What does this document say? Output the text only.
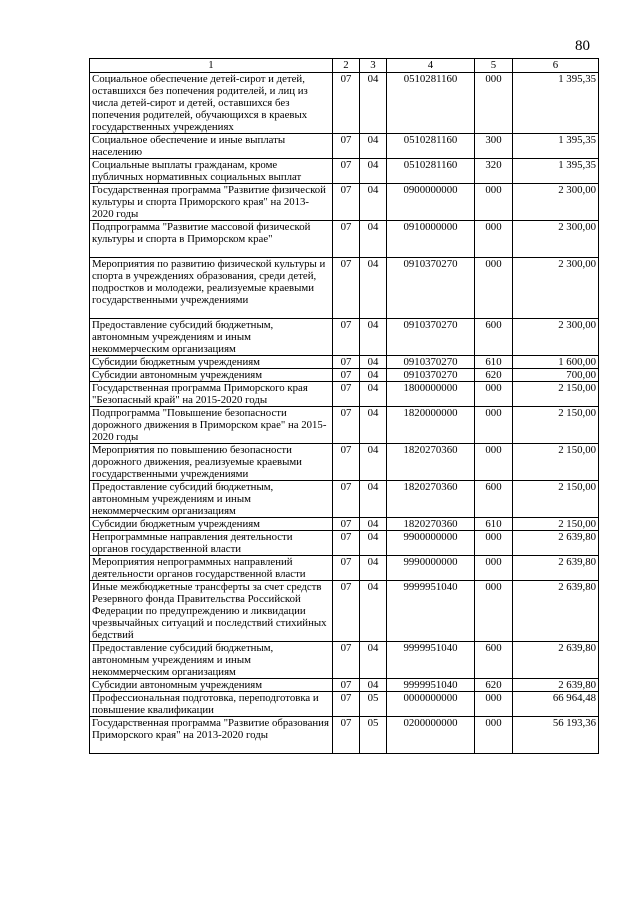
80
1	2	3	4	5	6
Социальное обеспечение детей-сирот и детей, оставшихся без попечения родителей, и лиц из числа детей-сирот и детей, оставшихся без попечения родителей, обучающихся в краевых государственных учреждениях	07	04	0510281160	000	1 395,35
Социальное обеспечение и иные выплаты населению	07	04	0510281160	300	1 395,35
Социальные выплаты гражданам, кроме публичных нормативных социальных выплат	07	04	0510281160	320	1 395,35
Государственная программа "Развитие физической культуры и спорта Приморского края" на 2013-2020 годы	07	04	0900000000	000	2 300,00
Подпрограмма "Развитие массовой физической культуры и спорта в Приморском крае"	07	04	0910000000	000	2 300,00
Мероприятия по развитию физической культуры и спорта в учреждениях образования, среди детей, подростков и молодежи, реализуемые краевыми государственными учреждениями	07	04	0910370270	000	2 300,00
Предоставление субсидий бюджетным, автономным учреждениям и иным некоммерческим организациям	07	04	0910370270	600	2 300,00
Субсидии бюджетным учреждениям	07	04	0910370270	610	1 600,00
Субсидии автономным учреждениям	07	04	0910370270	620	700,00
Государственная программа Приморского края "Безопасный край" на 2015-2020 годы	07	04	1800000000	000	2 150,00
Подпрограмма "Повышение безопасности дорожного движения в Приморском крае" на 2015-2020 годы	07	04	1820000000	000	2 150,00
Мероприятия по повышению безопасности дорожного движения, реализуемые краевыми государственными учреждениями	07	04	1820270360	000	2 150,00
Предоставление субсидий бюджетным, автономным учреждениям и иным некоммерческим организациям	07	04	1820270360	600	2 150,00
Субсидии бюджетным учреждениям	07	04	1820270360	610	2 150,00
Непрограммные направления деятельности органов государственной власти	07	04	9900000000	000	2 639,80
Мероприятия непрограммных направлений деятельности органов государственной власти	07	04	9990000000	000	2 639,80
Иные межбюджетные трансферты за счет средств Резервного фонда Правительства Российской Федерации по предупреждению и ликвидации чрезвычайных ситуаций и последствий стихийных бедствий	07	04	9999951040	000	2 639,80
Предоставление субсидий бюджетным, автономным учреждениям и иным некоммерческим организациям	07	04	9999951040	600	2 639,80
Субсидии автономным учреждениям	07	04	9999951040	620	2 639,80
Профессиональная подготовка, переподготовка и повышение квалификации	07	05	0000000000	000	66 964,48
Государственная программа "Развитие образования Приморского края" на 2013-2020 годы	07	05	0200000000	000	56 193,36
